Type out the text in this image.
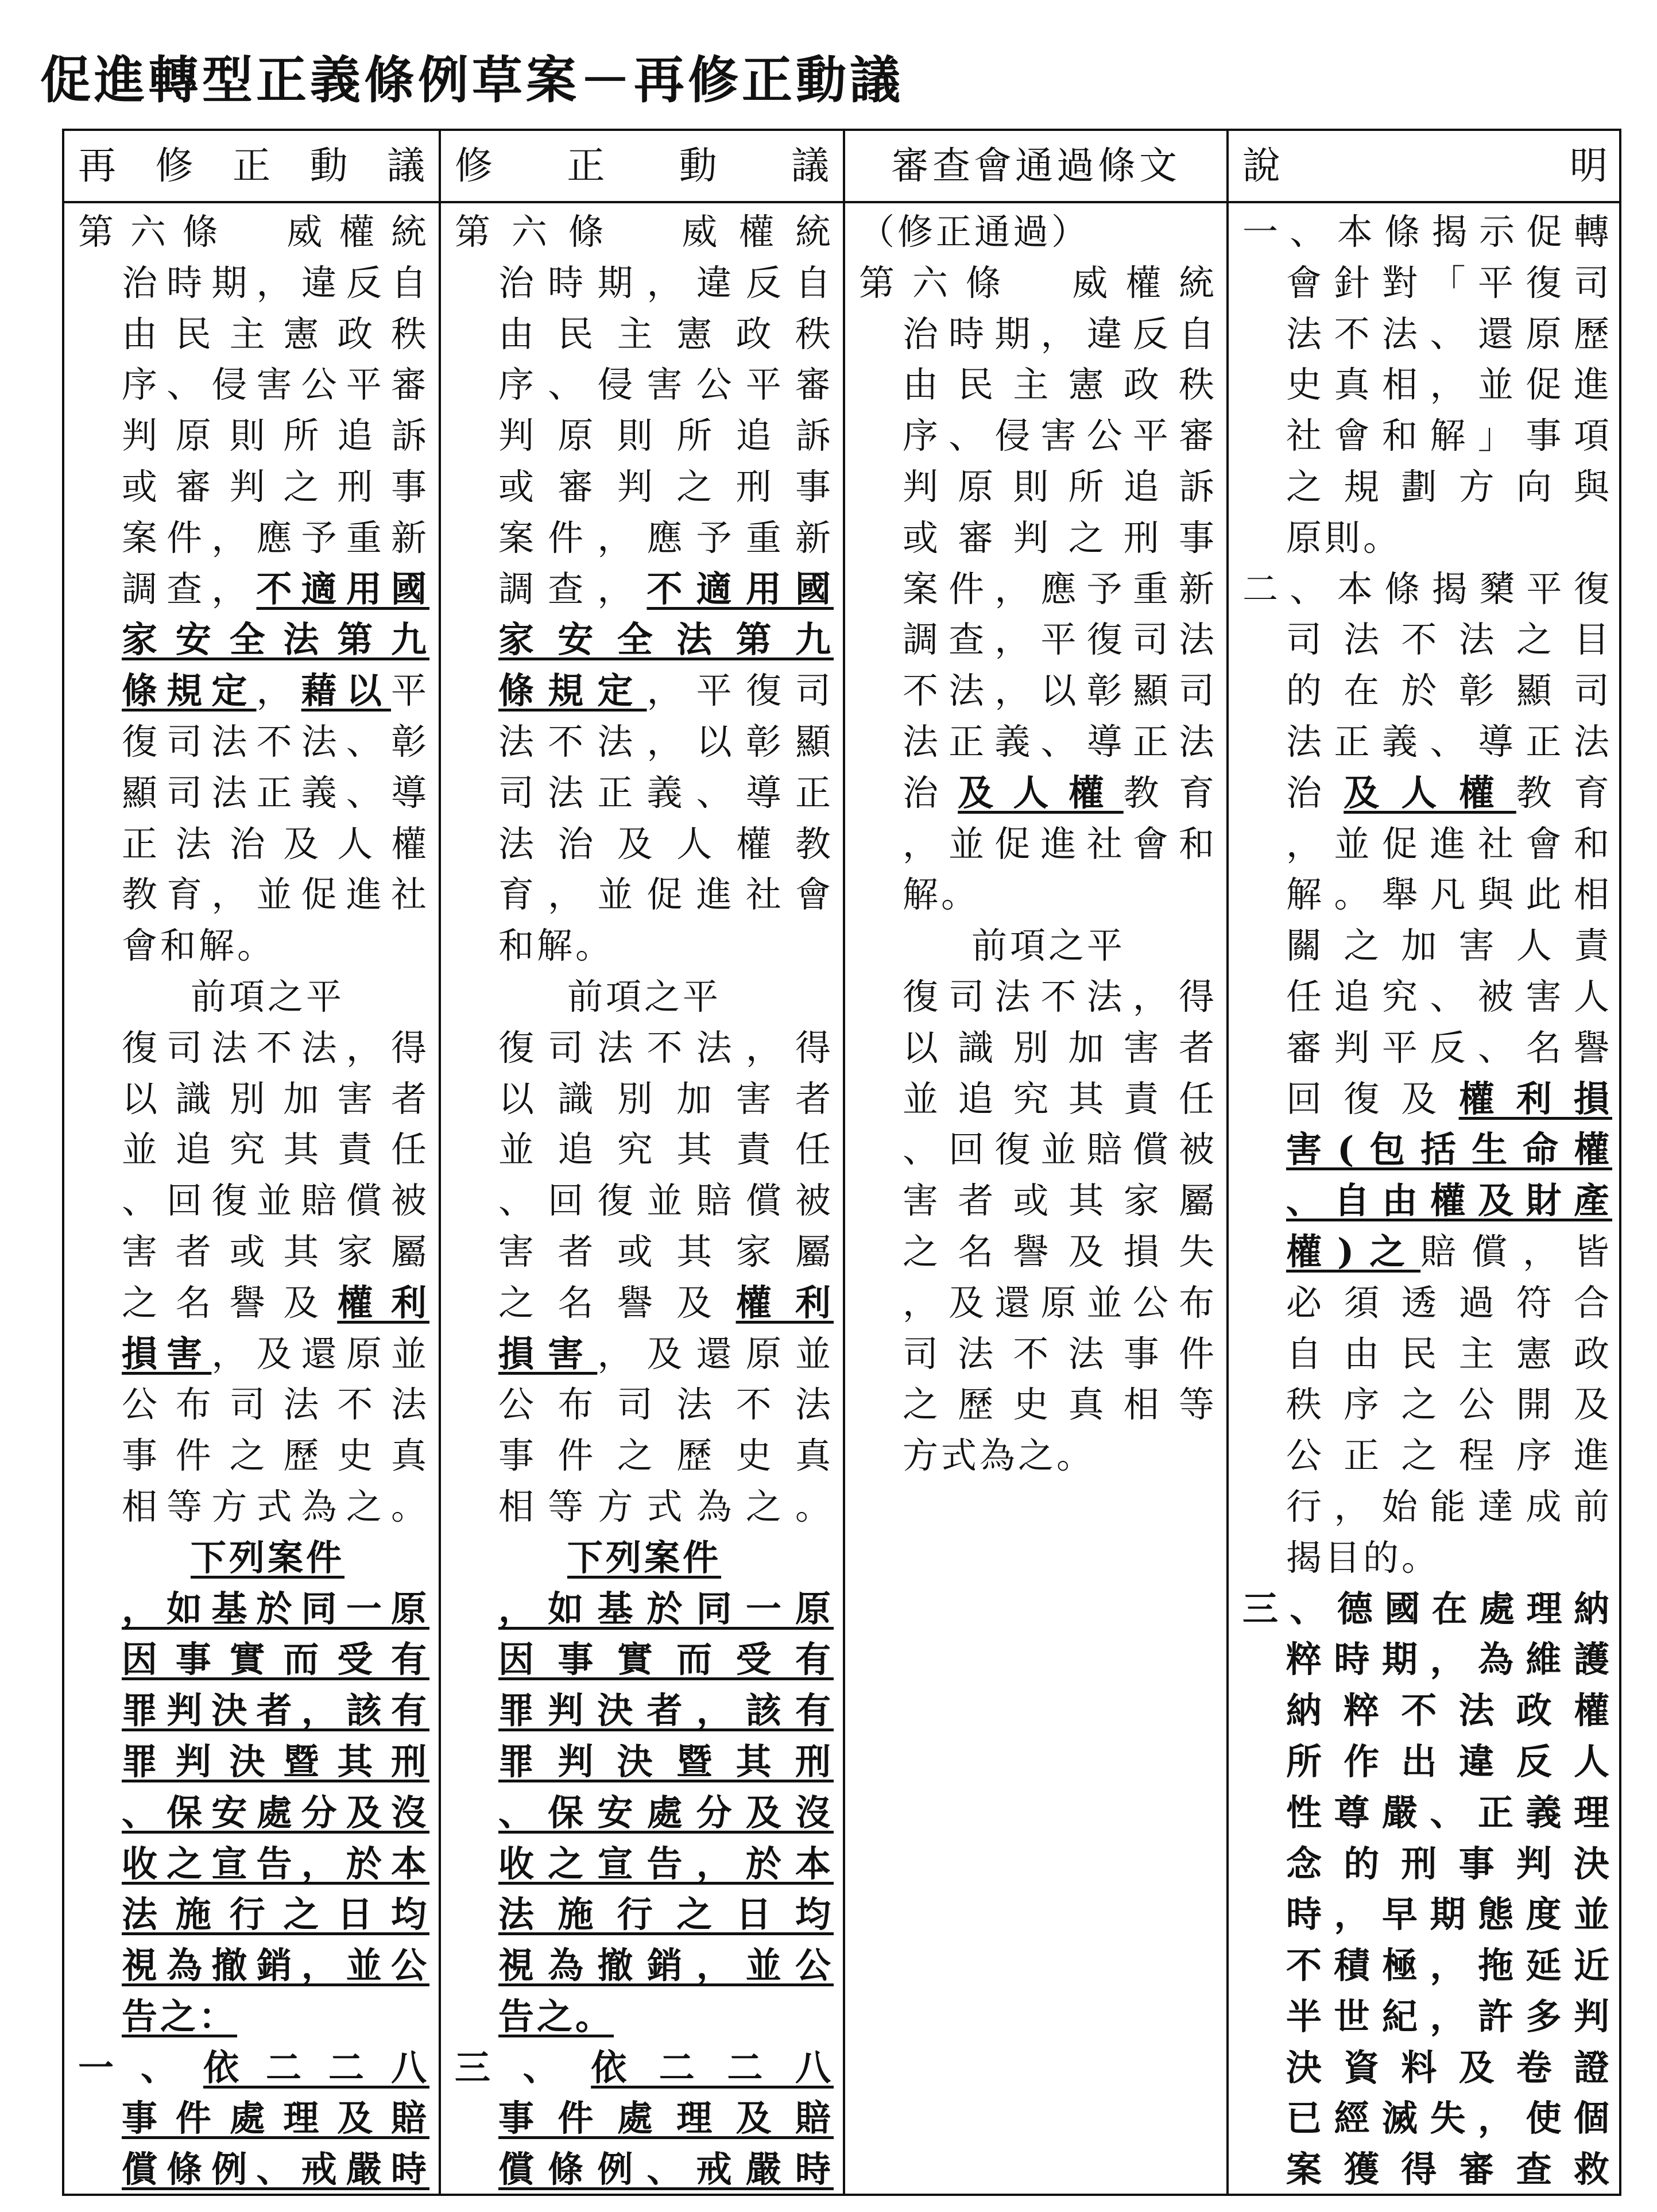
促進轉型正義條例草案－再修正動議
再 修 正 動 議 修 正 動 議 審查會通過條文 說	明
第六條　威權統
治時期，違反自
由民主憲政秩
序、侵害公平審
判原則所追訴
或審判之刑事
案件，應予重新
調查，不適用國
家安全法第九
條規定，藉以平
復司法不法、彰
顯司法正義、導
正法治及人權
教育，並促進社
會和解。
前項之平
復司法不法，得
以識別加害者
並追究其責任
、回復並賠償被
害者或其家屬
之名譽及權利
損害，及還原並
公布司法不法
事件之歷史真
相等方式為之。
下列案件
，如基於同一原
因事實而受有
罪判決者，該有
罪判決暨其刑
、保安處分及沒
收之宣告，於本
法施行之日均
視為撤銷，並公
告之：
一、依二二八
事件處理及賠
償條例、戒嚴時
第六條　威權統
治時期，違反自
由民主憲政秩
序、侵害公平審
判原則所追訴
或審判之刑事
案件，應予重新
調查，不適用國
家安全法第九
條規定，平復司
法不法，以彰顯
司法正義、導正
法治及人權教
育，並促進社會
和解。
前項之平
復司法不法，得
以識別加害者
並追究其責任
、回復並賠償被
害者或其家屬
之名譽及權利
損害，及還原並
公布司法不法
事件之歷史真
相等方式為之。
下列案件
，如基於同一原
因事實而受有
罪判決者，該有
罪判決暨其刑
、保安處分及沒
收之宣告，於本
法施行之日均
視為撤銷，並公
告之。
三、依二二八
事件處理及賠
償條例、戒嚴時
（修正通過）
第六條　威權統
治時期，違反自
由民主憲政秩
序、侵害公平審
判原則所追訴
或審判之刑事
案件，應予重新
調查，平復司法
不法，以彰顯司
法正義、導正法
治及人權教育
，並促進社會和
解。
前項之平
復司法不法，得
以識別加害者
並追究其責任
、回復並賠償被
害者或其家屬
之名譽及損失
，及還原並公布
司法不法事件
之歷史真相等
方式為之。
一、本條揭示促轉
會針對「平復司
法不法、還原歷
史真相，並促進
社會和解」事項
之規劃方向與
原則。
二、本條揭櫫平復
司法不法之目
的在於彰顯司
法正義、導正法
治及人權教育
，並促進社會和
解。舉凡與此相
關之加害人責
任追究、被害人
審判平反、名譽
回復及權利損
害(包括生命權
、自由權及財產
權)之賠償，皆
必須透過符合
自由民主憲政
秩序之公開及
公正之程序進
行，始能達成前
揭目的。
三、德國在處理納
粹時期，為維護
納粹不法政權
所作出違反人
性尊嚴、正義理
念的刑事判決
時，早期態度並
不積極，拖延近
半世紀，許多判
決資料及卷證
已經滅失，使個
案獲得審查救
